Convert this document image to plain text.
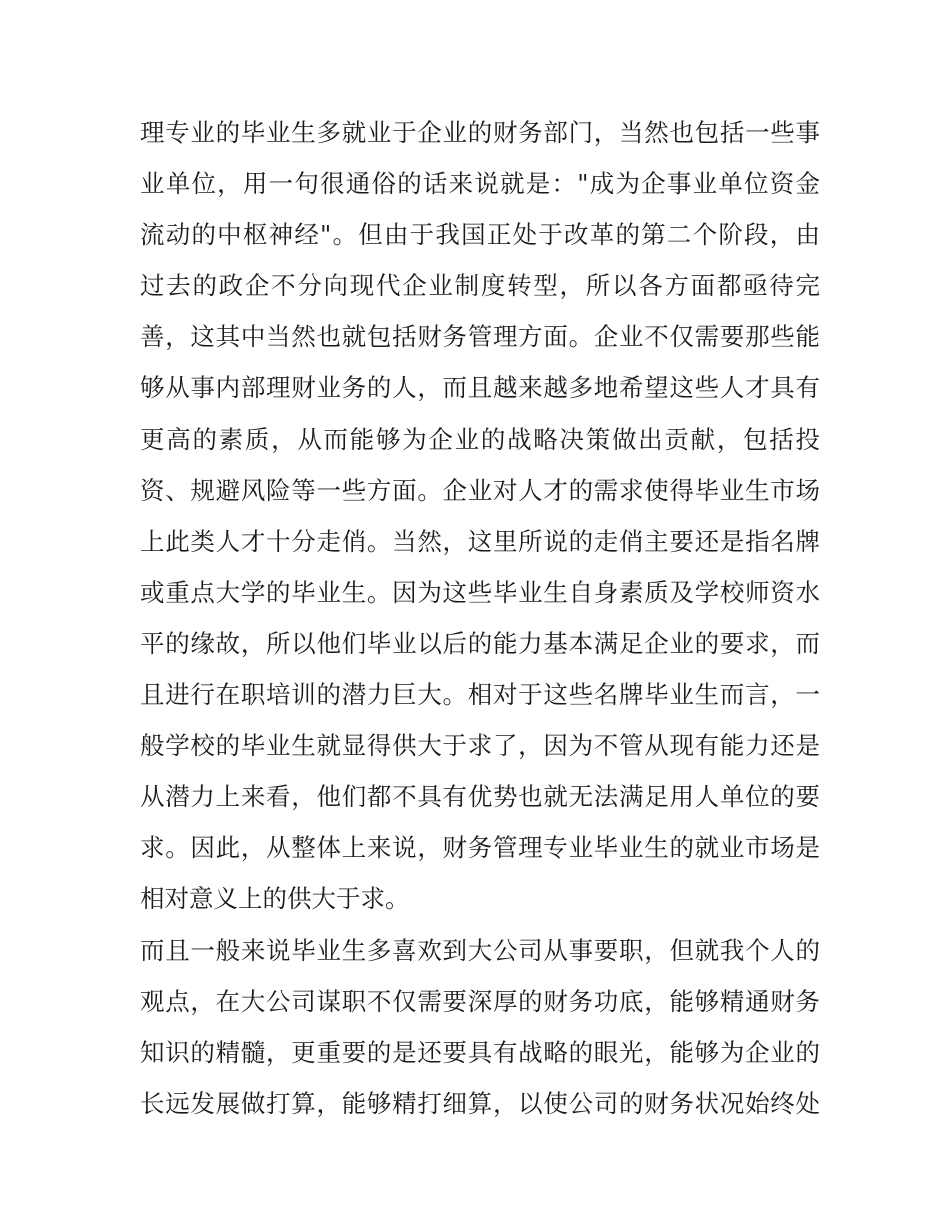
理专业的毕业生多就业于企业的财务部门，当然也包括一些事
业单位，用一句很通俗的话来说就是："成为企事业单位资金
流动的中枢神经"。但由于我国正处于改革的第二个阶段，由
过去的政企不分向现代企业制度转型，所以各方面都亟待完
善，这其中当然也就包括财务管理方面。企业不仅需要那些能
够从事内部理财业务的人，而且越来越多地希望这些人才具有
更高的素质，从而能够为企业的战略决策做出贡献，包括投
资、规避风险等一些方面。企业对人才的需求使得毕业生市场
上此类人才十分走俏。当然，这里所说的走俏主要还是指名牌
或重点大学的毕业生。因为这些毕业生自身素质及学校师资水
平的缘故，所以他们毕业以后的能力基本满足企业的要求，而
且进行在职培训的潜力巨大。相对于这些名牌毕业生而言，一
般学校的毕业生就显得供大于求了，因为不管从现有能力还是
从潜力上来看，他们都不具有优势也就无法满足用人单位的要
求。因此，从整体上来说，财务管理专业毕业生的就业市场是
相对意义上的供大于求。
而且一般来说毕业生多喜欢到大公司从事要职，但就我个人的
观点，在大公司谋职不仅需要深厚的财务功底，能够精通财务
知识的精髓，更重要的是还要具有战略的眼光，能够为企业的
长远发展做打算，能够精打细算，以使公司的财务状况始终处
